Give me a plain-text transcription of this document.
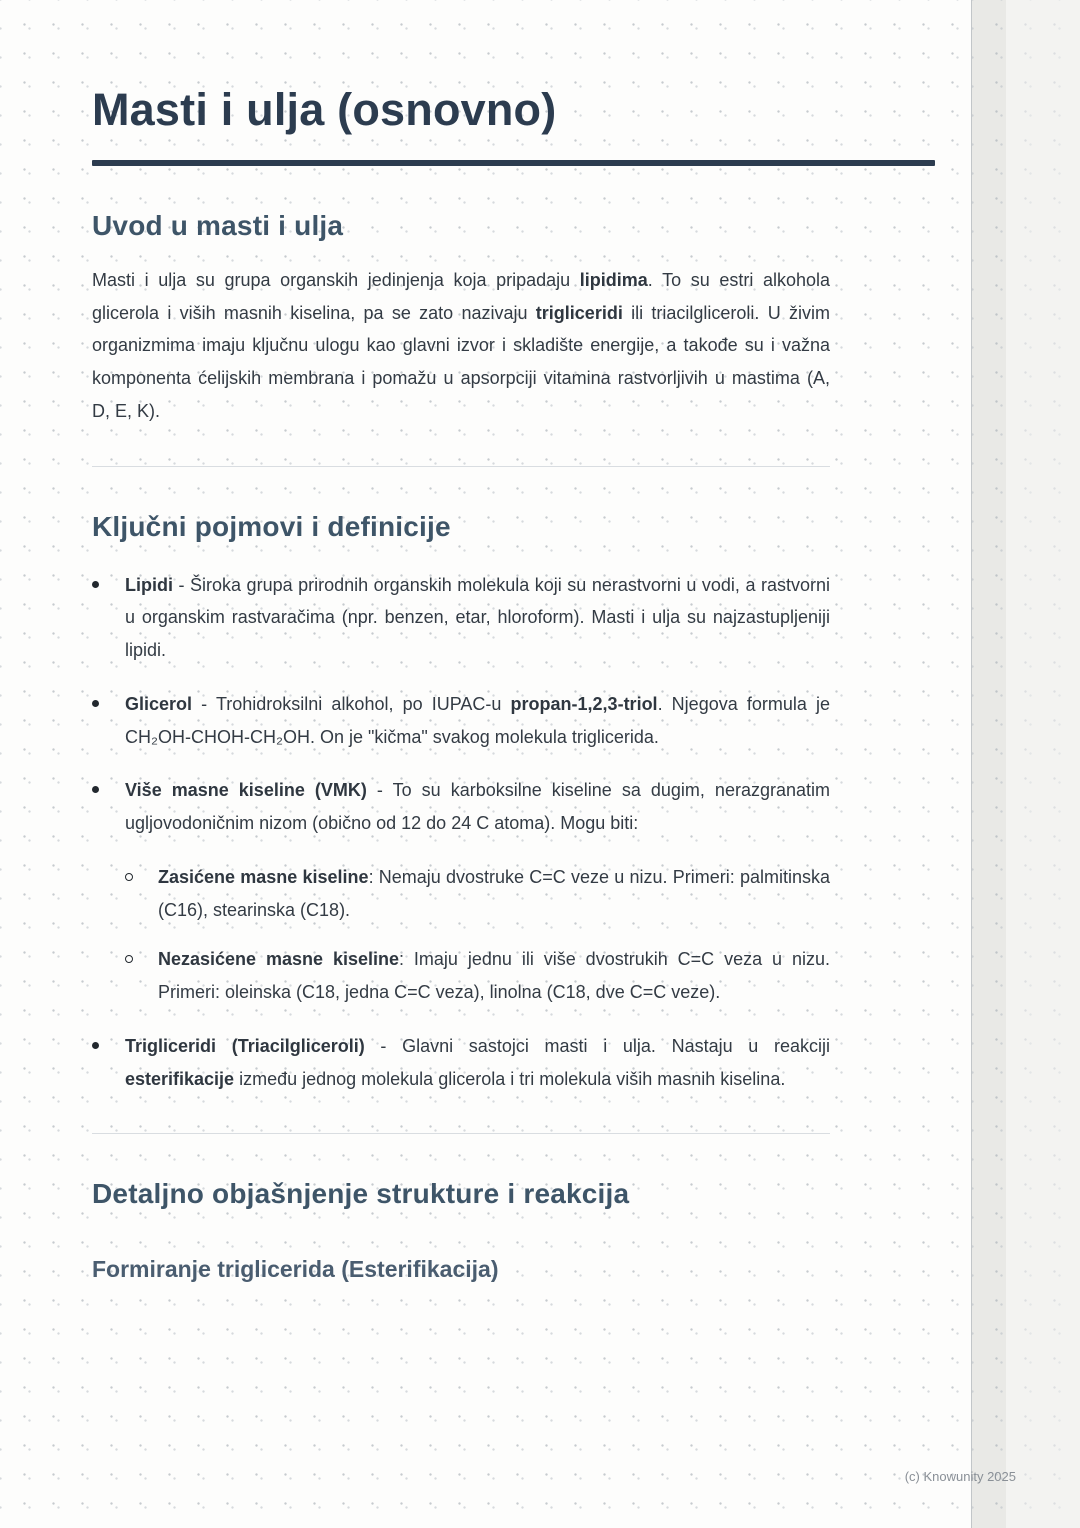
Masti i ulja (osnovno)
Uvod u masti i ulja

Masti i ulja su grupa organskih jedinjenja koja pripadaju lipidima. To su estri alkohola glicerola i viših masnih kiselina, pa se zato nazivaju trigliceridi ili triacilgliceroli. U živim organizmima imaju ključnu ulogu kao glavni izvor i skladište energije, a takođe su i važna komponenta ćelijskih membrana i pomažu u apsorpciji vitamina rastvorljivih u mastima (A, D, E, K).

Ključni pojmovi i definicije
Lipidi - Široka grupa prirodnih organskih molekula koji su nerastvorni u vodi, a rastvorni u organskim rastvaračima (npr. benzen, etar, hloroform). Masti i ulja su najzastupljeniji lipidi.
Glicerol - Trohidroksilni alkohol, po IUPAC-u propan-1,2,3-triol. Njegova formula je CH₂OH-CHOH-CH₂OH. On je "kičma" svakog molekula triglicerida.
Više masne kiseline (VMK) - To su karboksilne kiseline sa dugim, nerazgranatim ugljovodoničnim nizom (obično od 12 do 24 C atoma). Mogu biti:
Zasićene masne kiseline: Nemaju dvostruke C=C veze u nizu. Primeri: palmitinska (C16), stearinska (C18).
Nezasićene masne kiseline: Imaju jednu ili više dvostrukih C=C veza u nizu. Primeri: oleinska (C18, jedna C=C veza), linolna (C18, dve C=C veze).
Trigliceridi (Triacilgliceroli) - Glavni sastojci masti i ulja. Nastaju u reakciji esterifikacije između jednog molekula glicerola i tri molekula viših masnih kiselina.
Detaljno objašnjenje strukture i reakcija
Formiranje triglicerida (Esterifikacija)
(c) Knowunity 2025
